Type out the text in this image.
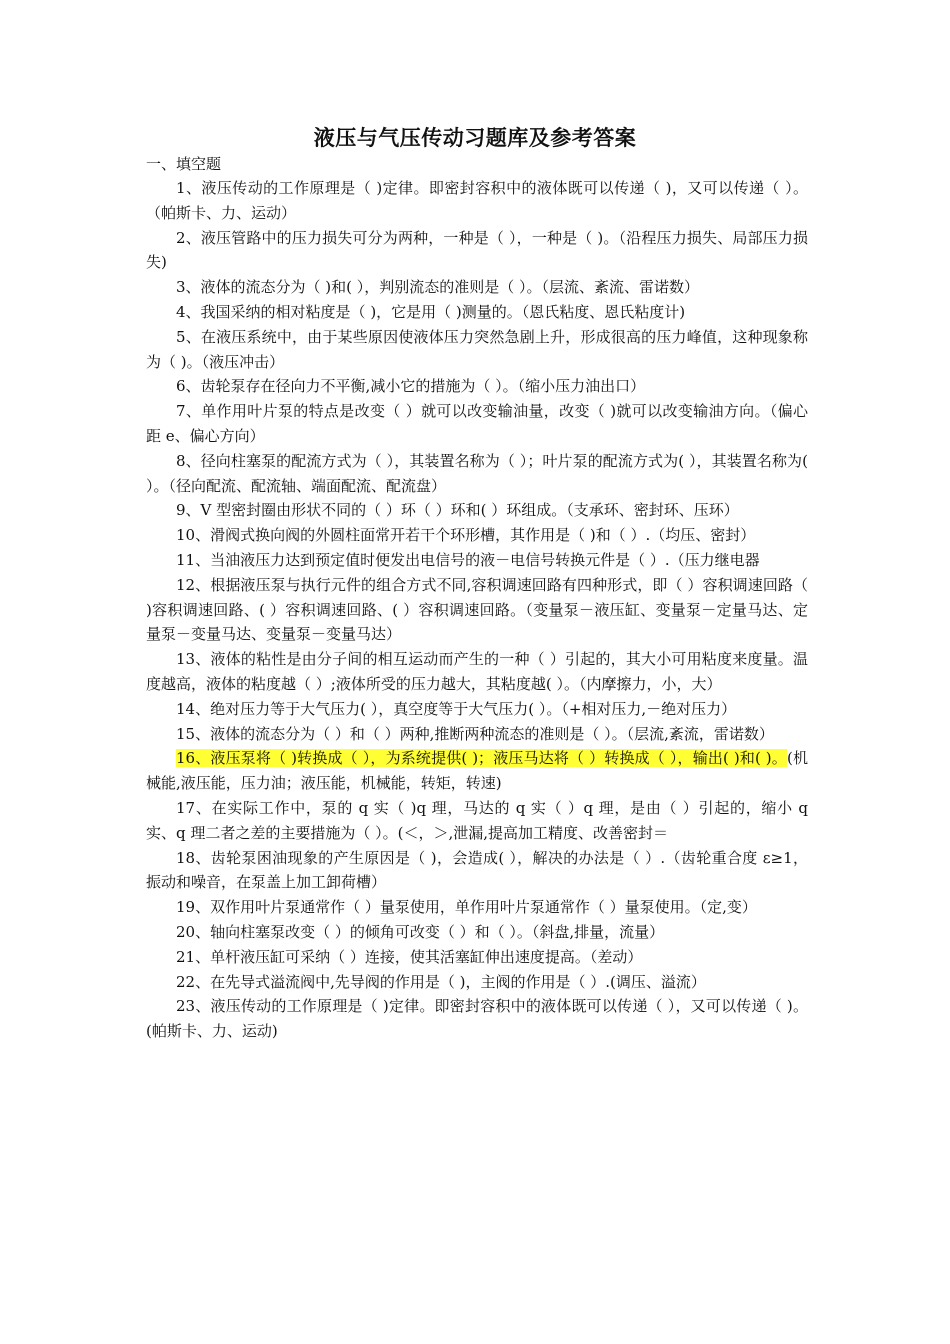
液压与气压传动习题库及参考答案
一、填空题

1、液压传动的工作原理是（ )定律。即密封容积中的液体既可以传递（ )，又可以传递（ ）。（帕斯卡、力、运动）

2、液压管路中的压力损失可分为两种，一种是（ ），一种是（ )。（沿程压力损失、局部压力损失)

3、液体的流态分为（ )和( ），判别流态的准则是（ ）。（层流、紊流、雷诺数）

4、我国采纳的相对粘度是（ )，它是用（ )测量的。（恩氏粘度、恩氏粘度计)

5、在液压系统中，由于某些原因使液体压力突然急剧上升，形成很高的压力峰值，这种现象称为（ )。（液压冲击）

6、齿轮泵存在径向力不平衡,减小它的措施为（ ）。（缩小压力油出口）

7、单作用叶片泵的特点是改变（ ）就可以改变输油量，改变（ )就可以改变输油方向。（偏心距 e、偏心方向）

8、径向柱塞泵的配流方式为（ ），其装置名称为（ ）；叶片泵的配流方式为( ），其装置名称为( ）。（径向配流、配流轴、端面配流、配流盘）

9、V 型密封圈由形状不同的（ ）环（ ）环和( ）环组成。（支承环、密封环、压环）

10、滑阀式换向阀的外圆柱面常开若干个环形槽，其作用是（ )和（ ）.（均压、密封）

11、当油液压力达到预定值时便发出电信号的液－电信号转换元件是（ ）.（压力继电器

12、根据液压泵与执行元件的组合方式不同,容积调速回路有四种形式，即（ ）容积调速回路（ )容积调速回路、( ）容积调速回路、( ）容积调速回路。（变量泵－液压缸、变量泵－定量马达、定量泵－变量马达、变量泵－变量马达）

13、液体的粘性是由分子间的相互运动而产生的一种（ ）引起的，其大小可用粘度来度量。温度越高，液体的粘度越（ ）;液体所受的压力越大，其粘度越( ）。（内摩擦力，小，大）

14、绝对压力等于大气压力( ），真空度等于大气压力( ）。（+相对压力,－绝对压力）

15、液体的流态分为（ ）和（ ）两种,推断两种流态的准则是（ ）。（层流,紊流，雷诺数）

16、液压泵将（ )转换成（ ），为系统提供( )；液压马达将（ ）转换成（ ），输出( )和( )。(机械能,液压能，压力油；液压能，机械能，转矩，转速)

17、在实际工作中，泵的 q 实（ )q 理，马达的 q 实（ ）q 理，是由（ ）引起的，缩小 q 实、q 理二者之差的主要措施为（ ）。(＜，＞,泄漏,提高加工精度、改善密封＝

18、齿轮泵困油现象的产生原因是（ )，会造成( ），解决的办法是（ ）.（齿轮重合度 ε≥1，振动和噪音，在泵盖上加工卸荷槽）

19、双作用叶片泵通常作（ ）量泵使用，单作用叶片泵通常作（ ）量泵使用。（定,变）

20、轴向柱塞泵改变（ ）的倾角可改变（ ）和（ ）。（斜盘,排量，流量）

21、单杆液压缸可采纳（ ）连接，使其活塞缸伸出速度提高。（差动）

22、在先导式溢流阀中,先导阀的作用是（ )，主阀的作用是（ ）.(调压、溢流）

23、液压传动的工作原理是（ )定律。即密封容积中的液体既可以传递（ ），又可以传递（ )。(帕斯卡、力、运动)
